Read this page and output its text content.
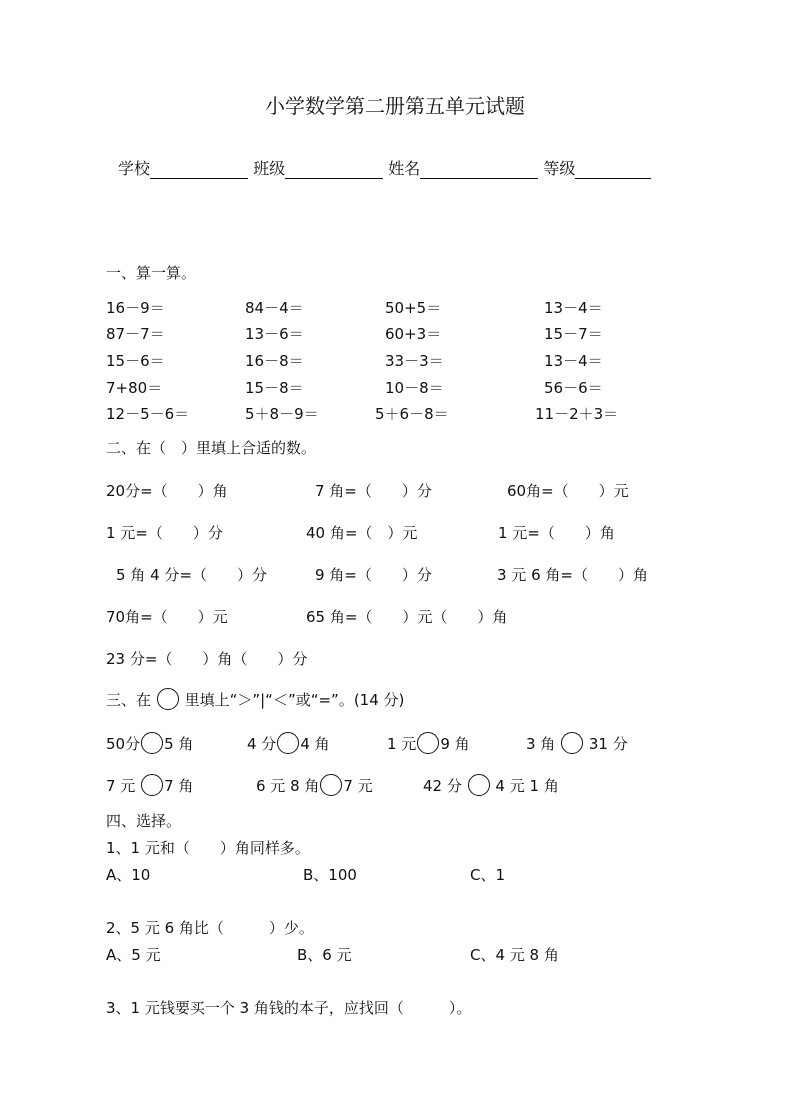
小学数学第二册第五单元试题
学校	班级	姓名	等级
一、算一算。
16－9＝	84－4＝	50+5＝	13－4＝
87－7＝	13－6＝	60+3＝	15－7＝
15－6＝	16－8＝	33－3＝	13－4＝
7+80＝	15－8＝	10－8＝	56－6＝
12－5－6＝	5＋8－9＝	5＋6－8＝	11－2＋3＝
二、在（　）里填上合适的数。
20分=（　　）角	7 角=（　　）分	60角=（　　）元
1 元=（　　）分	40 角=（　）元	1 元=（　　）角
5 角 4 分=（　　）分	9 角=（　　）分	3 元 6 角=（　　）角
70角=（　　）元	65 角=（　　）元（　　）角
23 分=（　　）角（　　）分
三、在 里填上“＞”|“＜”或“=”。(14 分)
50分 5 角	4 分 4 角	1 元 9 角	3 角 31 分
7 元 7 角	6 元 8 角 7 元	42 分 4 元 1 角
四、选择。
1、1 元和（　　）角同样多。
A、10	B、100	C、1
2、5 元 6 角比（　　　）少。
A、5 元	B、6 元	C、4 元 8 角
3、1 元钱要买一个 3 角钱的本子，应找回（　　　）。
